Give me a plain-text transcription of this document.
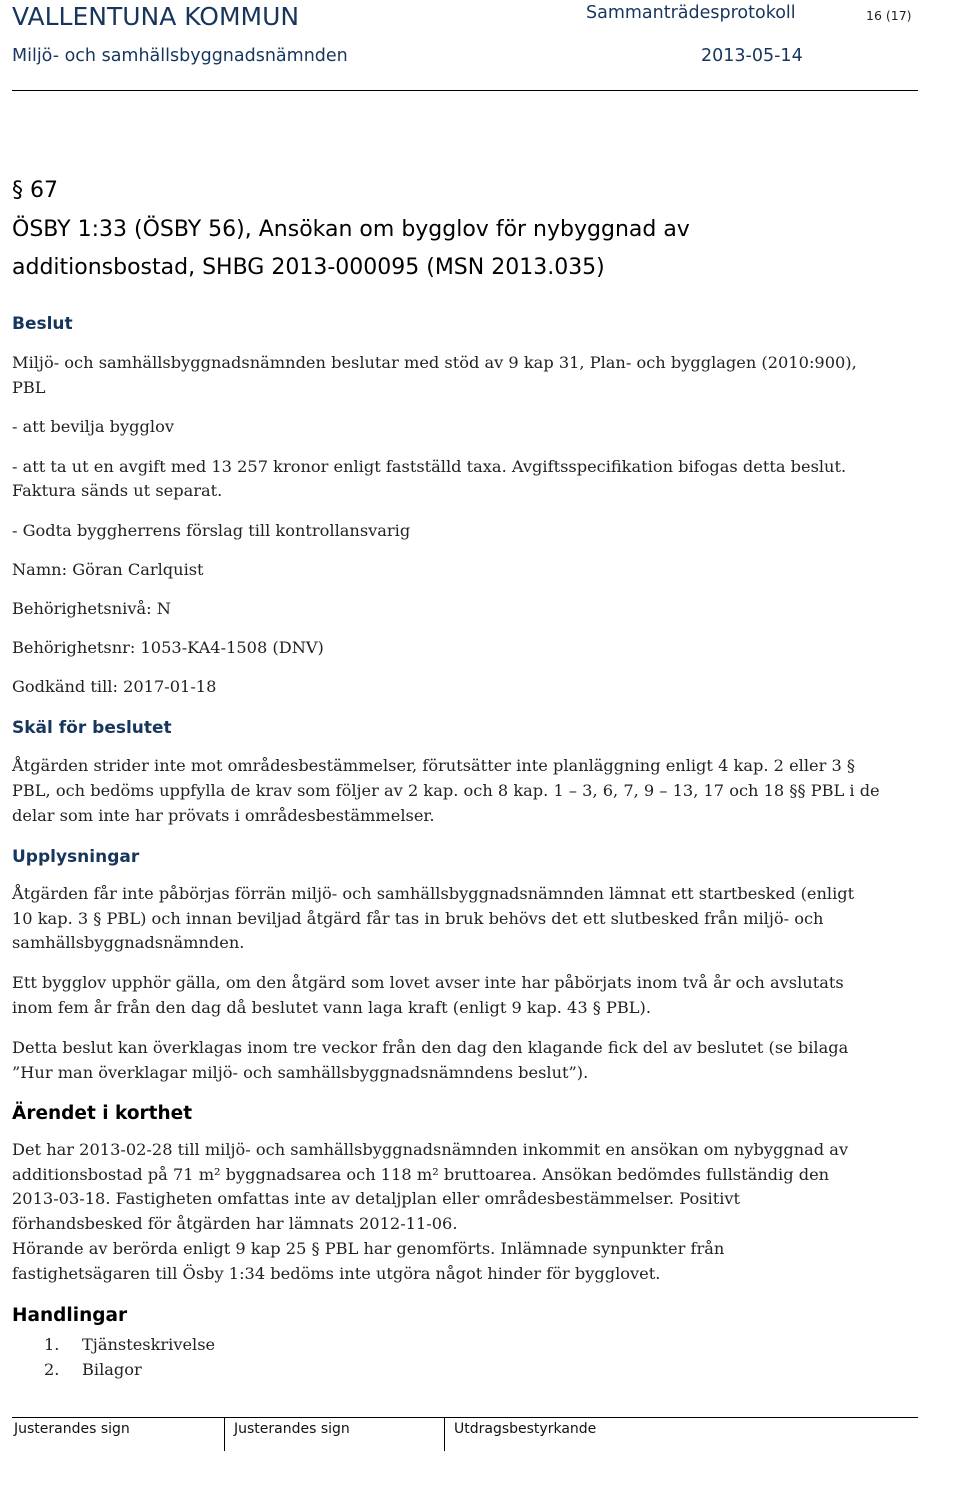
VALLENTUNA KOMMUN	Sammanträdesprotokoll	16 (17)
Miljö- och samhällsbyggnadsnämnden	2013-05-14
§ 67
ÖSBY 1:33 (ÖSBY 56), Ansökan om bygglov för nybyggnad av
additionsbostad, SHBG 2013-000095 (MSN 2013.035)
Beslut
Miljö- och samhällsbyggnadsnämnden beslutar med stöd av 9 kap 31, Plan- och bygglagen (2010:900),
PBL
- att bevilja bygglov
- att ta ut en avgift med 13 257 kronor enligt fastställd taxa. Avgiftsspecifikation bifogas detta beslut.
Faktura sänds ut separat.
- Godta byggherrens förslag till kontrollansvarig
Namn: Göran Carlquist
Behörighetsnivå: N
Behörighetsnr: 1053-KA4-1508 (DNV)
Godkänd till: 2017-01-18
Skäl för beslutet
Åtgärden strider inte mot områdesbestämmelser, förutsätter inte planläggning enligt 4 kap. 2 eller 3 §
PBL, och bedöms uppfylla de krav som följer av 2 kap. och 8 kap. 1 – 3, 6, 7, 9 – 13, 17 och 18 §§ PBL i de
delar som inte har prövats i områdesbestämmelser.
Upplysningar
Åtgärden får inte påbörjas förrän miljö- och samhällsbyggnadsnämnden lämnat ett startbesked (enligt
10 kap. 3 § PBL) och innan beviljad åtgärd får tas in bruk behövs det ett slutbesked från miljö- och
samhällsbyggnadsnämnden.
Ett bygglov upphör gälla, om den åtgärd som lovet avser inte har påbörjats inom två år och avslutats
inom fem år från den dag då beslutet vann laga kraft (enligt 9 kap. 43 § PBL).
Detta beslut kan överklagas inom tre veckor från den dag den klagande fick del av beslutet (se bilaga
”Hur man överklagar miljö- och samhällsbyggnadsnämndens beslut”).
Ärendet i korthet
Det har 2013-02-28 till miljö- och samhällsbyggnadsnämnden inkommit en ansökan om nybyggnad av
additionsbostad på 71 m² byggnadsarea och 118 m² bruttoarea. Ansökan bedömdes fullständig den
2013-03-18. Fastigheten omfattas inte av detaljplan eller områdesbestämmelser. Positivt
förhandsbesked för åtgärden har lämnats 2012-11-06.
Hörande av berörda enligt 9 kap 25 § PBL har genomförts. Inlämnade synpunkter från
fastighetsägaren till Ösby 1:34 bedöms inte utgöra något hinder för bygglovet.
Handlingar
1. Tjänsteskrivelse
2. Bilagor
Justerandes sign	Justerandes sign	Utdragsbestyrkande
